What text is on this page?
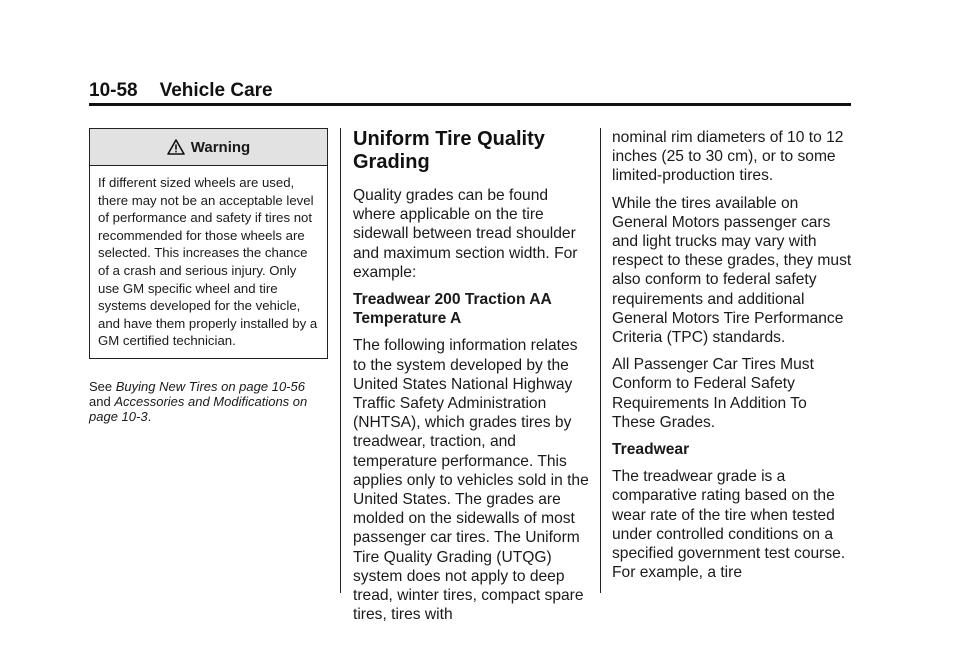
10-58 Vehicle Care
Warning
If different sized wheels are used, there may not be an acceptable level of performance and safety if tires not recommended for those wheels are selected. This increases the chance of a crash and serious injury. Only use GM specific wheel and tire systems developed for the vehicle, and have them properly installed by a GM certified technician.
See Buying New Tires on page 10-56 and Accessories and Modifications on page 10-3.
Uniform Tire Quality Grading

Quality grades can be found where applicable on the tire sidewall between tread shoulder and maximum section width. For example:

Treadwear 200 Traction AA Temperature A

The following information relates to the system developed by the United States National Highway Traffic Safety Administration (NHTSA), which grades tires by treadwear, traction, and temperature performance. This applies only to vehicles sold in the United States. The grades are molded on the sidewalls of most passenger car tires. The Uniform Tire Quality Grading (UTQG) system does not apply to deep tread, winter tires, compact spare tires, tires with

nominal rim diameters of 10 to 12 inches (25 to 30 cm), or to some limited-production tires.

While the tires available on General Motors passenger cars and light trucks may vary with respect to these grades, they must also conform to federal safety requirements and additional General Motors Tire Performance Criteria (TPC) standards.

All Passenger Car Tires Must Conform to Federal Safety Requirements In Addition To These Grades.

Treadwear

The treadwear grade is a comparative rating based on the wear rate of the tire when tested under controlled conditions on a specified government test course. For example, a tire
